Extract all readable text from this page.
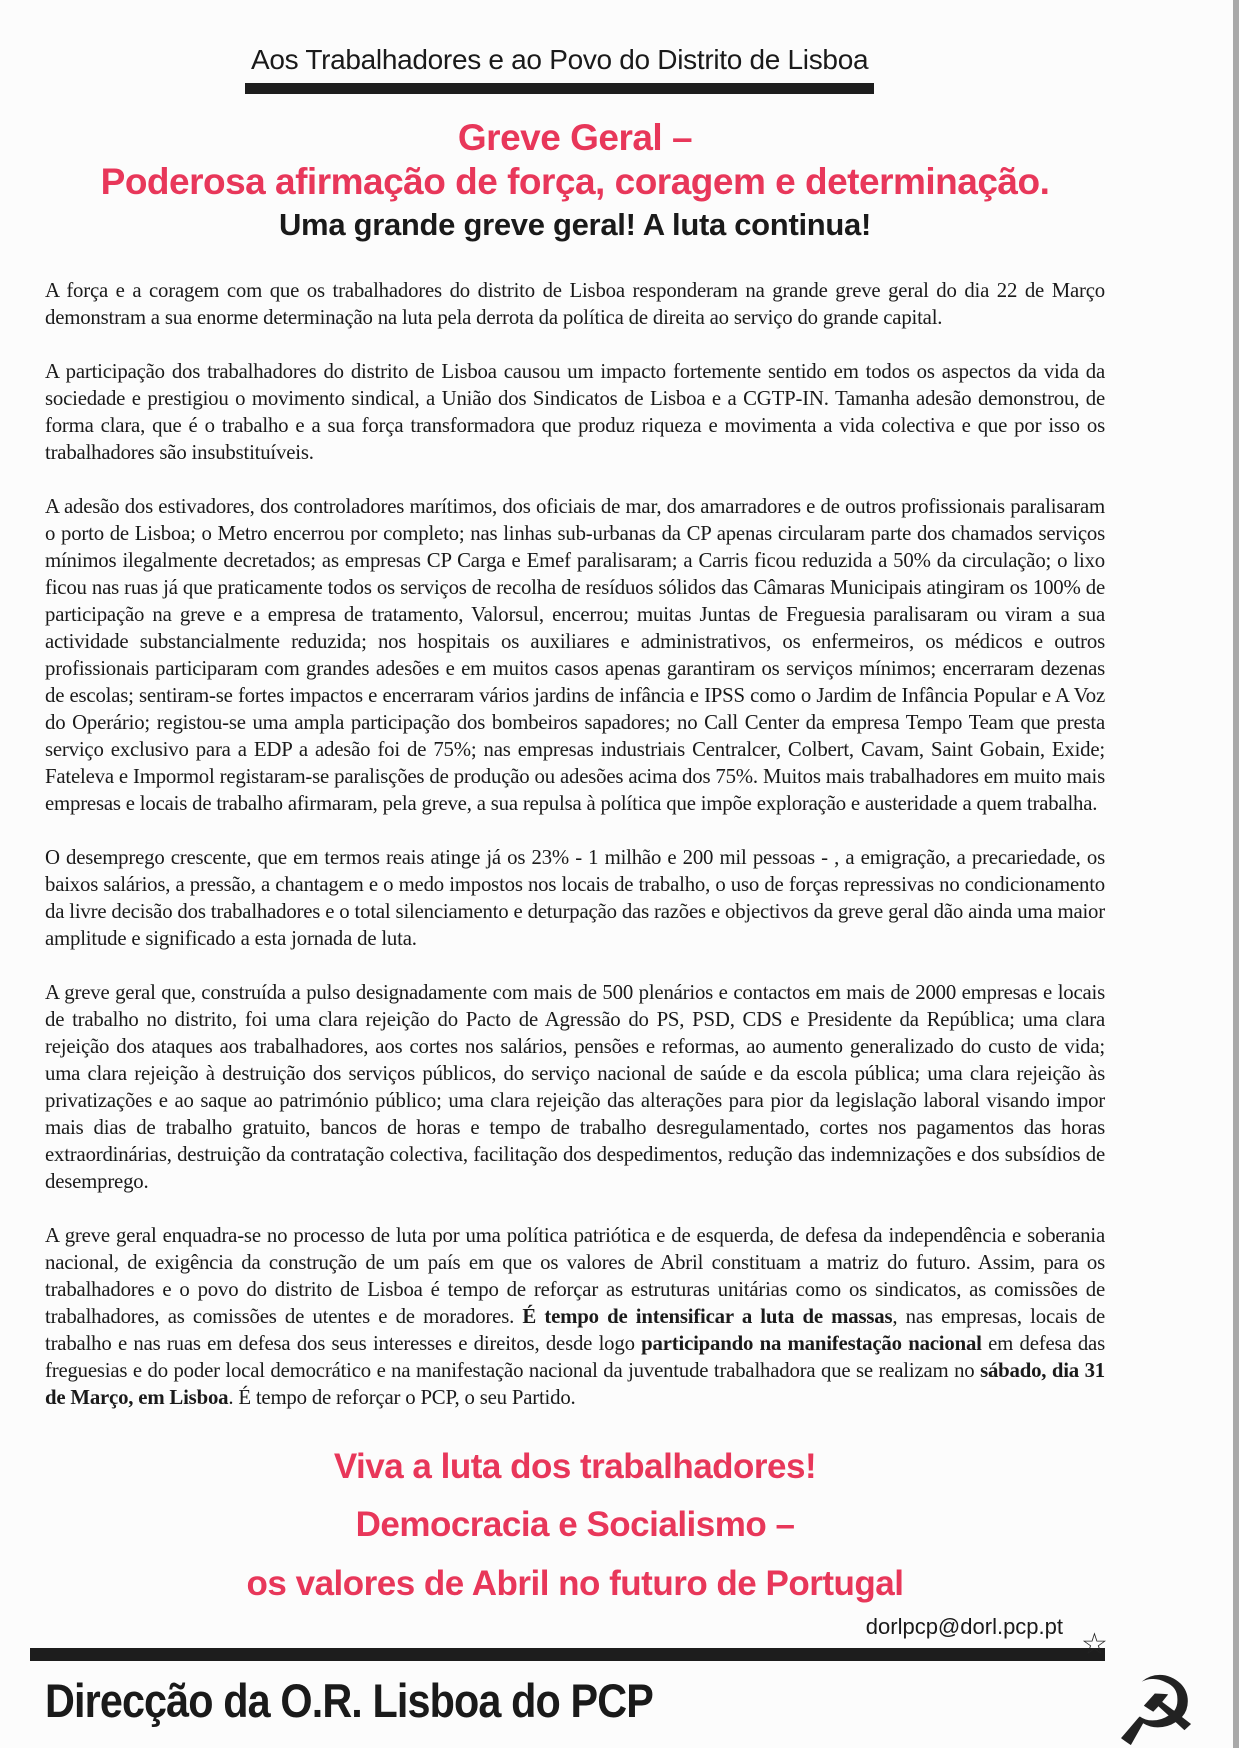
Aos Trabalhadores e ao Povo do Distrito de Lisboa
Greve Geral –
Poderosa afirmação de força, coragem e determinação.
Uma grande greve geral! A luta continua!

A força e a coragem com que os trabalhadores do distrito de Lisboa responderam na grande greve geral do dia 22 de Março demonstram a sua enorme determinação na luta pela derrota da política de direita ao serviço do grande capital.

A participação dos trabalhadores do distrito de Lisboa causou um impacto fortemente sentido em todos os aspectos da vida da sociedade e prestigiou o movimento sindical, a União dos Sindicatos de Lisboa e a CGTP-IN. Tamanha adesão demonstrou, de forma clara, que é o trabalho e a sua força transformadora que produz riqueza e movimenta a vida colectiva e que por isso os trabalhadores são insubstituíveis.

A adesão dos estivadores, dos controladores marítimos, dos oficiais de mar, dos amarradores e de outros profissionais paralisaram o porto de Lisboa; o Metro encerrou por completo; nas linhas sub-urbanas da CP apenas circularam parte dos chamados serviços mínimos ilegalmente decretados; as empresas CP Carga e Emef paralisaram; a Carris ficou reduzida a 50% da circulação; o lixo ficou nas ruas já que praticamente todos os serviços de recolha de resíduos sólidos das Câmaras Municipais atingiram os 100% de participação na greve e a empresa de tratamento, Valorsul, encerrou; muitas Juntas de Freguesia paralisaram ou viram a sua actividade substancialmente reduzida; nos hospitais os auxiliares e administrativos, os enfermeiros, os médicos e outros profissionais participaram com grandes adesões e em muitos casos apenas garantiram os serviços mínimos; encerraram dezenas de escolas; sentiram-se fortes impactos e encerraram vários jardins de infância e IPSS como o Jardim de Infância Popular e A Voz do Operário; registou-se uma ampla participação dos bombeiros sapadores; no Call Center da empresa Tempo Team que presta serviço exclusivo para a EDP a adesão foi de 75%; nas empresas industriais Centralcer, Colbert, Cavam, Saint Gobain, Exide; Fateleva e Impormol registaram-se paralisções de produção ou adesões acima dos 75%. Muitos mais trabalhadores em muito mais empresas e locais de trabalho afirmaram, pela greve, a sua repulsa à política que impõe exploração e austeridade a quem trabalha.

O desemprego crescente, que em termos reais atinge já os 23% - 1 milhão e 200 mil pessoas - , a emigração, a precariedade, os baixos salários, a pressão, a chantagem e o medo impostos nos locais de trabalho, o uso de forças repressivas no condicionamento da livre decisão dos trabalhadores e o total silenciamento e deturpação das razões e objectivos da greve geral dão ainda uma maior amplitude e significado a esta jornada de luta.

A greve geral que, construída a pulso designadamente com mais de 500 plenários e contactos em mais de 2000 empresas e locais de trabalho no distrito, foi uma clara rejeição do Pacto de Agressão do PS, PSD, CDS e Presidente da República; uma clara rejeição dos ataques aos trabalhadores, aos cortes nos salários, pensões e reformas, ao aumento generalizado do custo de vida; uma clara rejeição à destruição dos serviços públicos, do serviço nacional de saúde e da escola pública; uma clara rejeição às privatizações e ao saque ao património público; uma clara rejeição das alterações para pior da legislação laboral visando impor mais dias de trabalho gratuito, bancos de horas e tempo de trabalho desregulamentado, cortes nos pagamentos das horas extraordinárias, destruição da contratação colectiva, facilitação dos despedimentos, redução das indemnizações e dos subsídios de desemprego.

A greve geral enquadra-se no processo de luta por uma política patriótica e de esquerda, de defesa da independência e soberania nacional, de exigência da construção de um país em que os valores de Abril constituam a matriz do futuro. Assim, para os trabalhadores e o povo do distrito de Lisboa é tempo de reforçar as estruturas unitárias como os sindicatos, as comissões de trabalhadores, as comissões de utentes e de moradores. É tempo de intensificar a luta de massas, nas empresas, locais de trabalho e nas ruas em defesa dos seus interesses e direitos, desde logo participando na manifestação nacional em defesa das freguesias e do poder local democrático e na manifestação nacional da juventude trabalhadora que se realizam no sábado, dia 31 de Março, em Lisboa. É tempo de reforçar o PCP, o seu Partido.

Viva a luta dos trabalhadores!
Democracia e Socialismo –
os valores de Abril no futuro de Portugal
dorlpcp@dorl.pcp.pt
Direcção da O.R. Lisboa do PCP
☆
☭
